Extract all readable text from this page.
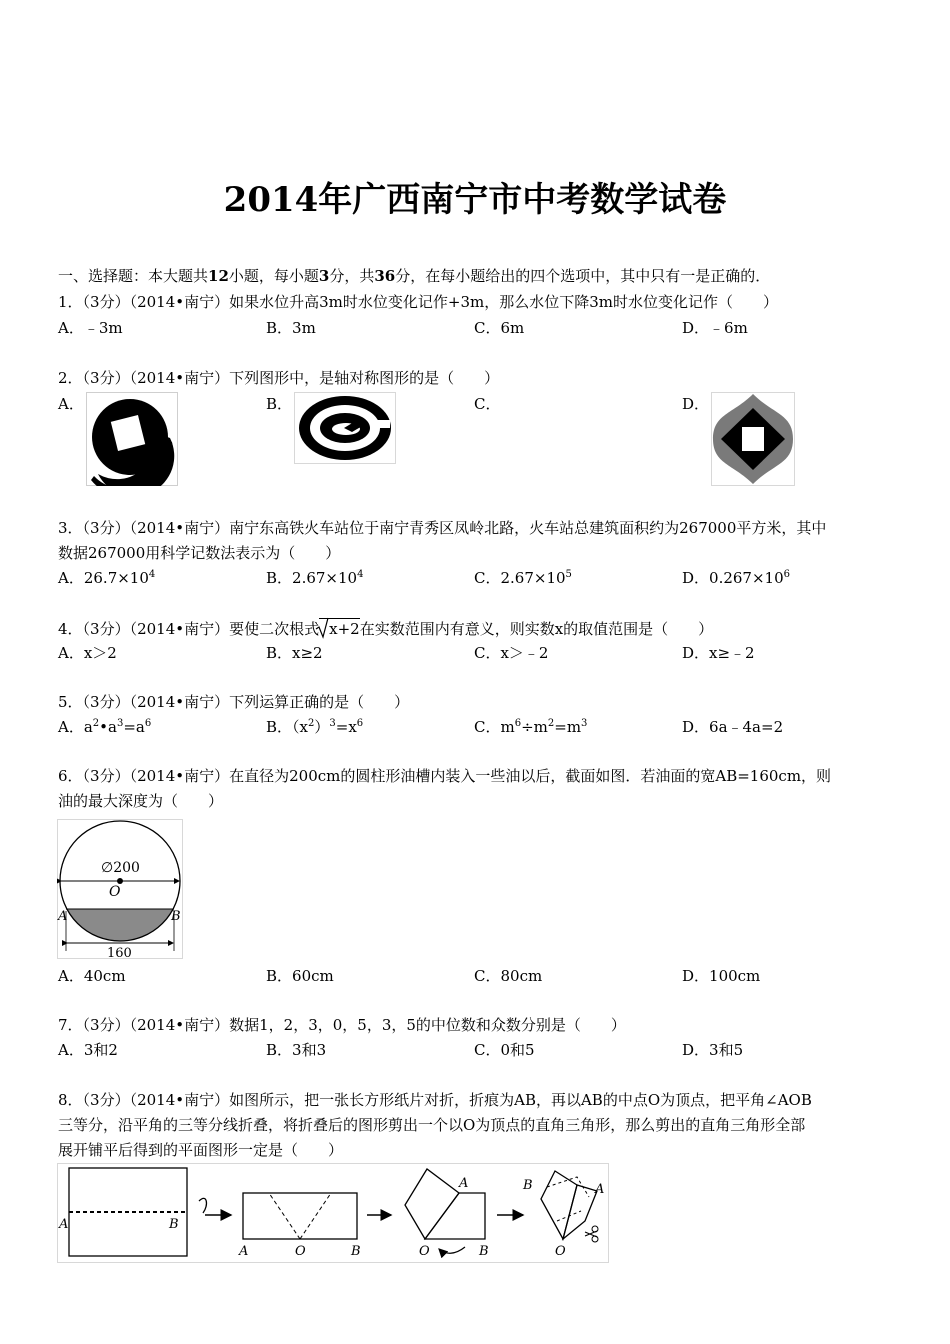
2014年广西南宁市中考数学试卷
一、选择题：本大题共12小题，每小题3分，共36分，在每小题给出的四个选项中，其中只有一是正确的．
1．（3分）（2014•南宁）如果水位升高3m时水位变化记作+3m，那么水位下降3m时水位变化记作（　　）
A．﹣3m	B．3m	C．6m	D．﹣6m
2．（3分）（2014•南宁）下列图形中，是轴对称图形的是（　　）
A．	B．	C．	D．
3．（3分）（2014•南宁）南宁东高铁火车站位于南宁青秀区凤岭北路，火车站总建筑面积约为267000平方米，其中
数据267000用科学记数法表示为（　　）
A．$26.7\times 10^4$	B．$2.67\times 10^4$	C．$2.67\times 10^5$	D．$0.267\times 10^6$
4．（3分）（2014•南宁）要使二次根式 x+2在实数范围内有意义，则实数x的取值范围是（　　）
A．x＞2	B．x≥2	C．x＞﹣2	D．x≥﹣2
5．（3分）（2014•南宁）下列运算正确的是（　　）
A．$a^2•a^3=a^6$	B．$(x^2)^3=x^6$	C．$m^6\div m^2=m^3$	D．6a﹣4a=2
6．（3分）（2014•南宁）在直径为200cm的圆柱形油槽内装入一些油以后，截面如图．若油面的宽AB=160cm，则
油的最大深度为（　　）
∅200
O
A	B
160
A．40cm	B．60cm	C．80cm	D．100cm
7．（3分）（2014•南宁）数据1，2，3，0，5，3，5的中位数和众数分别是（　　）
A．3和2	B．3和3	C．0和5	D．3和5
8．（3分）（2014•南宁）如图所示，把一张长方形纸片对折，折痕为AB，再以AB的中点O为顶点，把平角∠AOB
三等分，沿平角的三等分线折叠，将折叠后的图形剪出一个以O为顶点的直角三角形，那么剪出的直角三角形全部
展开铺平后得到的平面图形一定是（　　）
A	B
A	O	B
A
O	B
B	A
O
